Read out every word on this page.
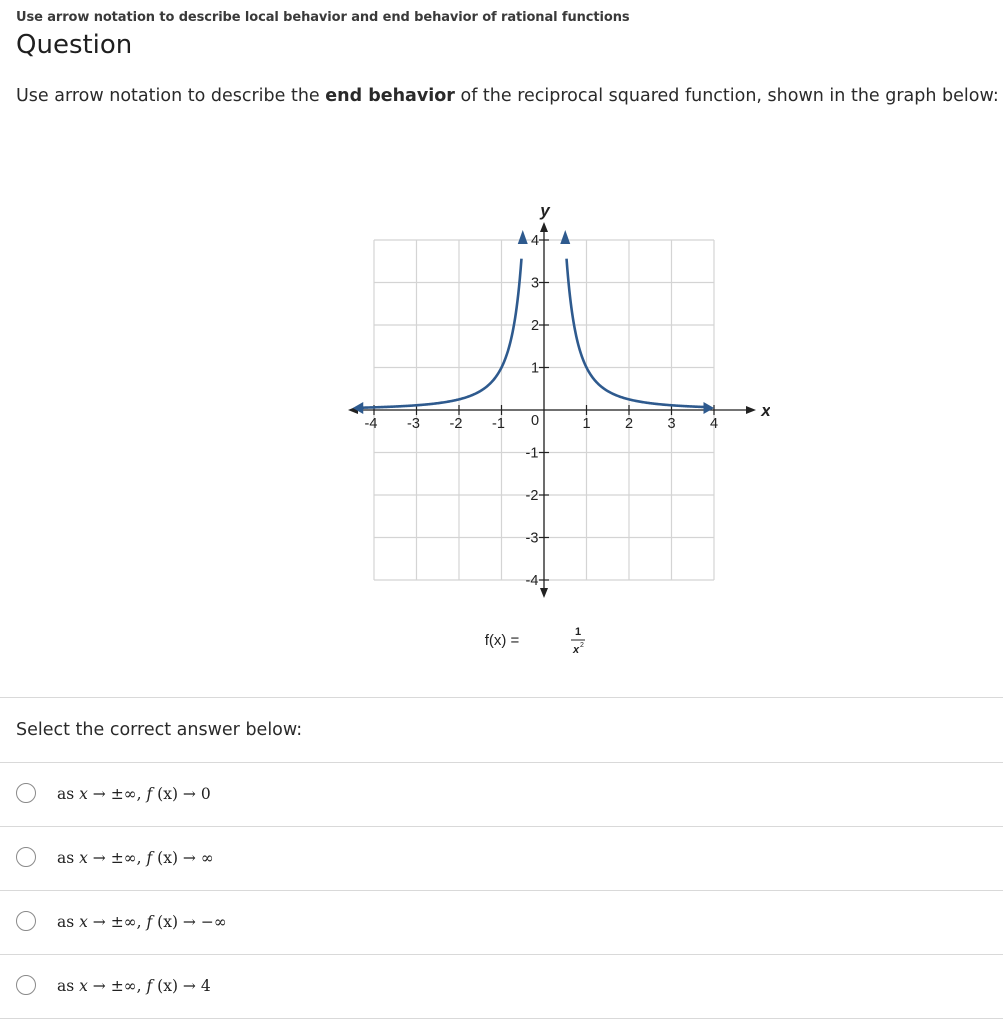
Use arrow notation to describe local behavior and end behavior of rational functions
Question
Use arrow notation to describe the end behavior of the reciprocal squared function, shown in the graph below:
-4 -3 -2 -1	1 2 3 4
1
2
3
4
-1
-2
-3
-4
0
x
y
f(x) =	1
x 2
Select the correct answer below:
as x → ±∞, f (x) → 0
as x → ±∞, f (x) → ∞
as x → ±∞, f (x) → −∞
as x → ±∞, f (x) → 4
